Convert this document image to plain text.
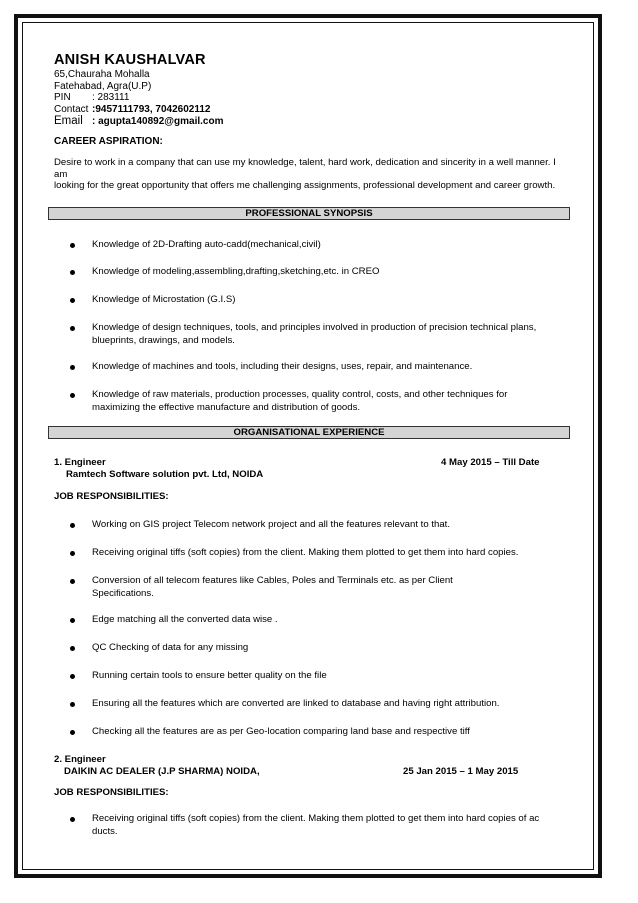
ANISH KAUSHALVAR
65,Chauraha Mohalla
Fatehabad, Agra(U.P)
PIN	: 283111
Contact :9457111793, 7042602112
Email : agupta140892@gmail.com
CAREER ASPIRATION:
Desire to work in a company that can use my knowledge, talent, hard work, dedication and sincerity in a well manner. I
am
looking for the great opportunity that offers me challenging assignments, professional development and career growth.
PROFESSIONAL SYNOPSIS
Knowledge of 2D-Drafting auto-cadd(mechanical,civil)
Knowledge of modeling,assembling,drafting,sketching,etc. in CREO
Knowledge of Microstation (G.I.S)
Knowledge of design techniques, tools, and principles involved in production of precision technical plans, blueprints, drawings, and models.
Knowledge of machines and tools, including their designs, uses, repair, and maintenance.
Knowledge of raw materials, production processes, quality control, costs, and other techniques for maximizing the effective manufacture and distribution of goods.
ORGANISATIONAL EXPERIENCE
1. Engineer	4 May 2015 – Till Date
Ramtech Software solution pvt. Ltd, NOIDA
JOB RESPONSIBILITIES:
Working on GIS project Telecom network project and all the features relevant to that.
Receiving original tiffs (soft copies) from the client. Making them plotted to get them into hard copies.
Conversion of all telecom features like Cables, Poles and Terminals etc. as per Client
Specifications.
Edge matching all the converted data wise .
QC Checking of data for any missing
Running certain tools to ensure better quality on the file
Ensuring all the features which are converted are linked to database and having right attribution.
Checking all the features are as per Geo-location comparing land base and respective tiff
2. Engineer
DAIKIN AC DEALER (J.P SHARMA) NOIDA,	25 Jan 2015 – 1 May 2015
JOB RESPONSIBILITIES:
Receiving original tiffs (soft copies) from the client. Making them plotted to get them into hard copies of ac ducts.
